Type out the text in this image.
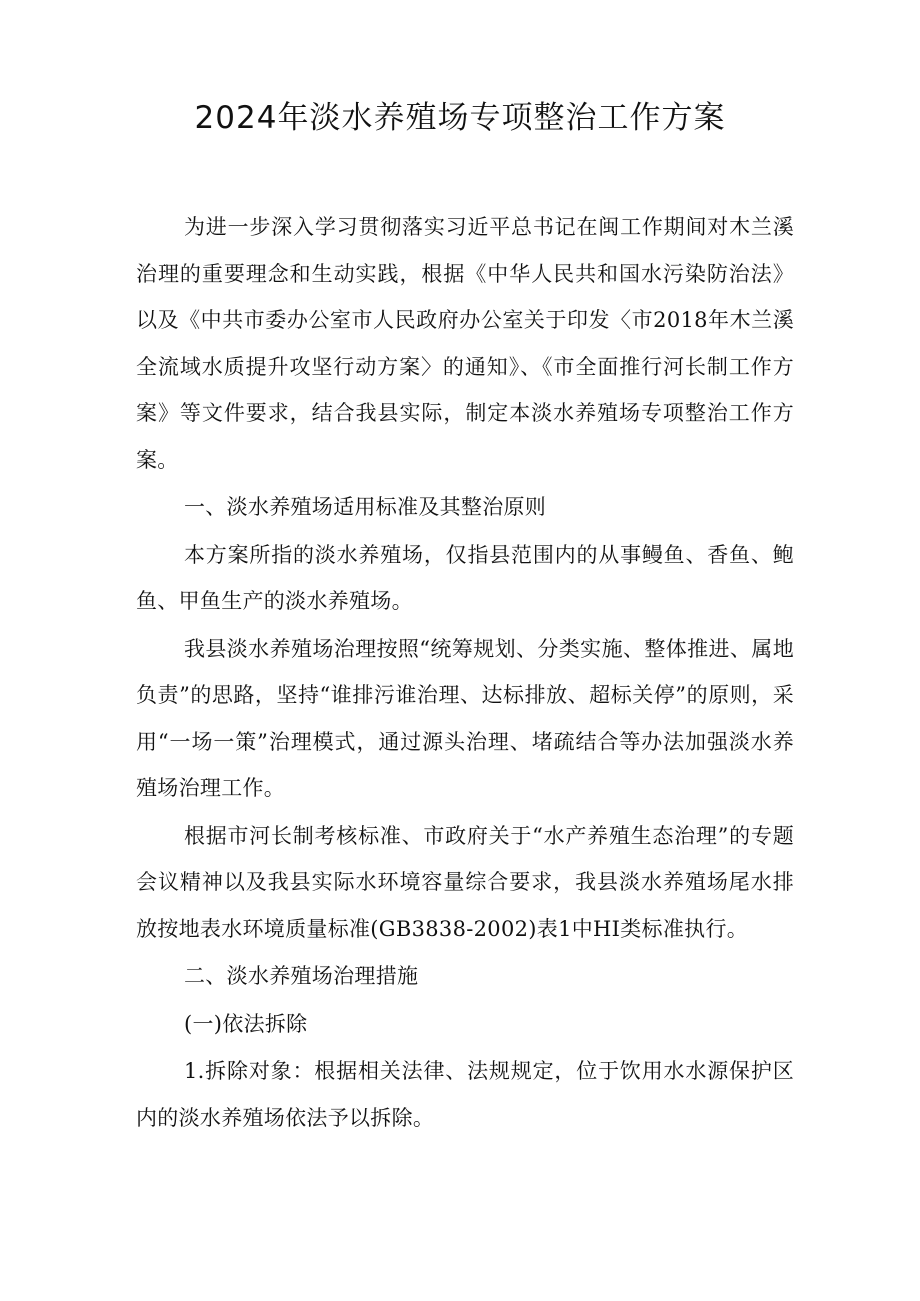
2024年淡水养殖场专项整治工作方案

为进一步深入学习贯彻落实习近平总书记在闽工作期间对木兰溪治理的重要理念和生动实践，根据《中华人民共和国水污染防治法》以及《中共市委办公室市人民政府办公室关于印发〈市2018年木兰溪全流域水质提升攻坚行动方案〉的通知》、《市全面推行河长制工作方案》等文件要求，结合我县实际，制定本淡水养殖场专项整治工作方案。

一、淡水养殖场适用标准及其整治原则

本方案所指的淡水养殖场，仅指县范围内的从事鳗鱼、香鱼、鲍鱼、甲鱼生产的淡水养殖场。

我县淡水养殖场治理按照“统筹规划、分类实施、整体推进、属地负责”的思路，坚持“谁排污谁治理、达标排放、超标关停”的原则，采用“一场一策”治理模式，通过源头治理、堵疏结合等办法加强淡水养殖场治理工作。

根据市河长制考核标准、市政府关于“水产养殖生态治理”的专题会议精神以及我县实际水环境容量综合要求，我县淡水养殖场尾水排放按地表水环境质量标准(GB3838-2002)表1中HI类标准执行。

二、淡水养殖场治理措施

(一)依法拆除

1.拆除对象：根据相关法律、法规规定，位于饮用水水源保护区内的淡水养殖场依法予以拆除。
